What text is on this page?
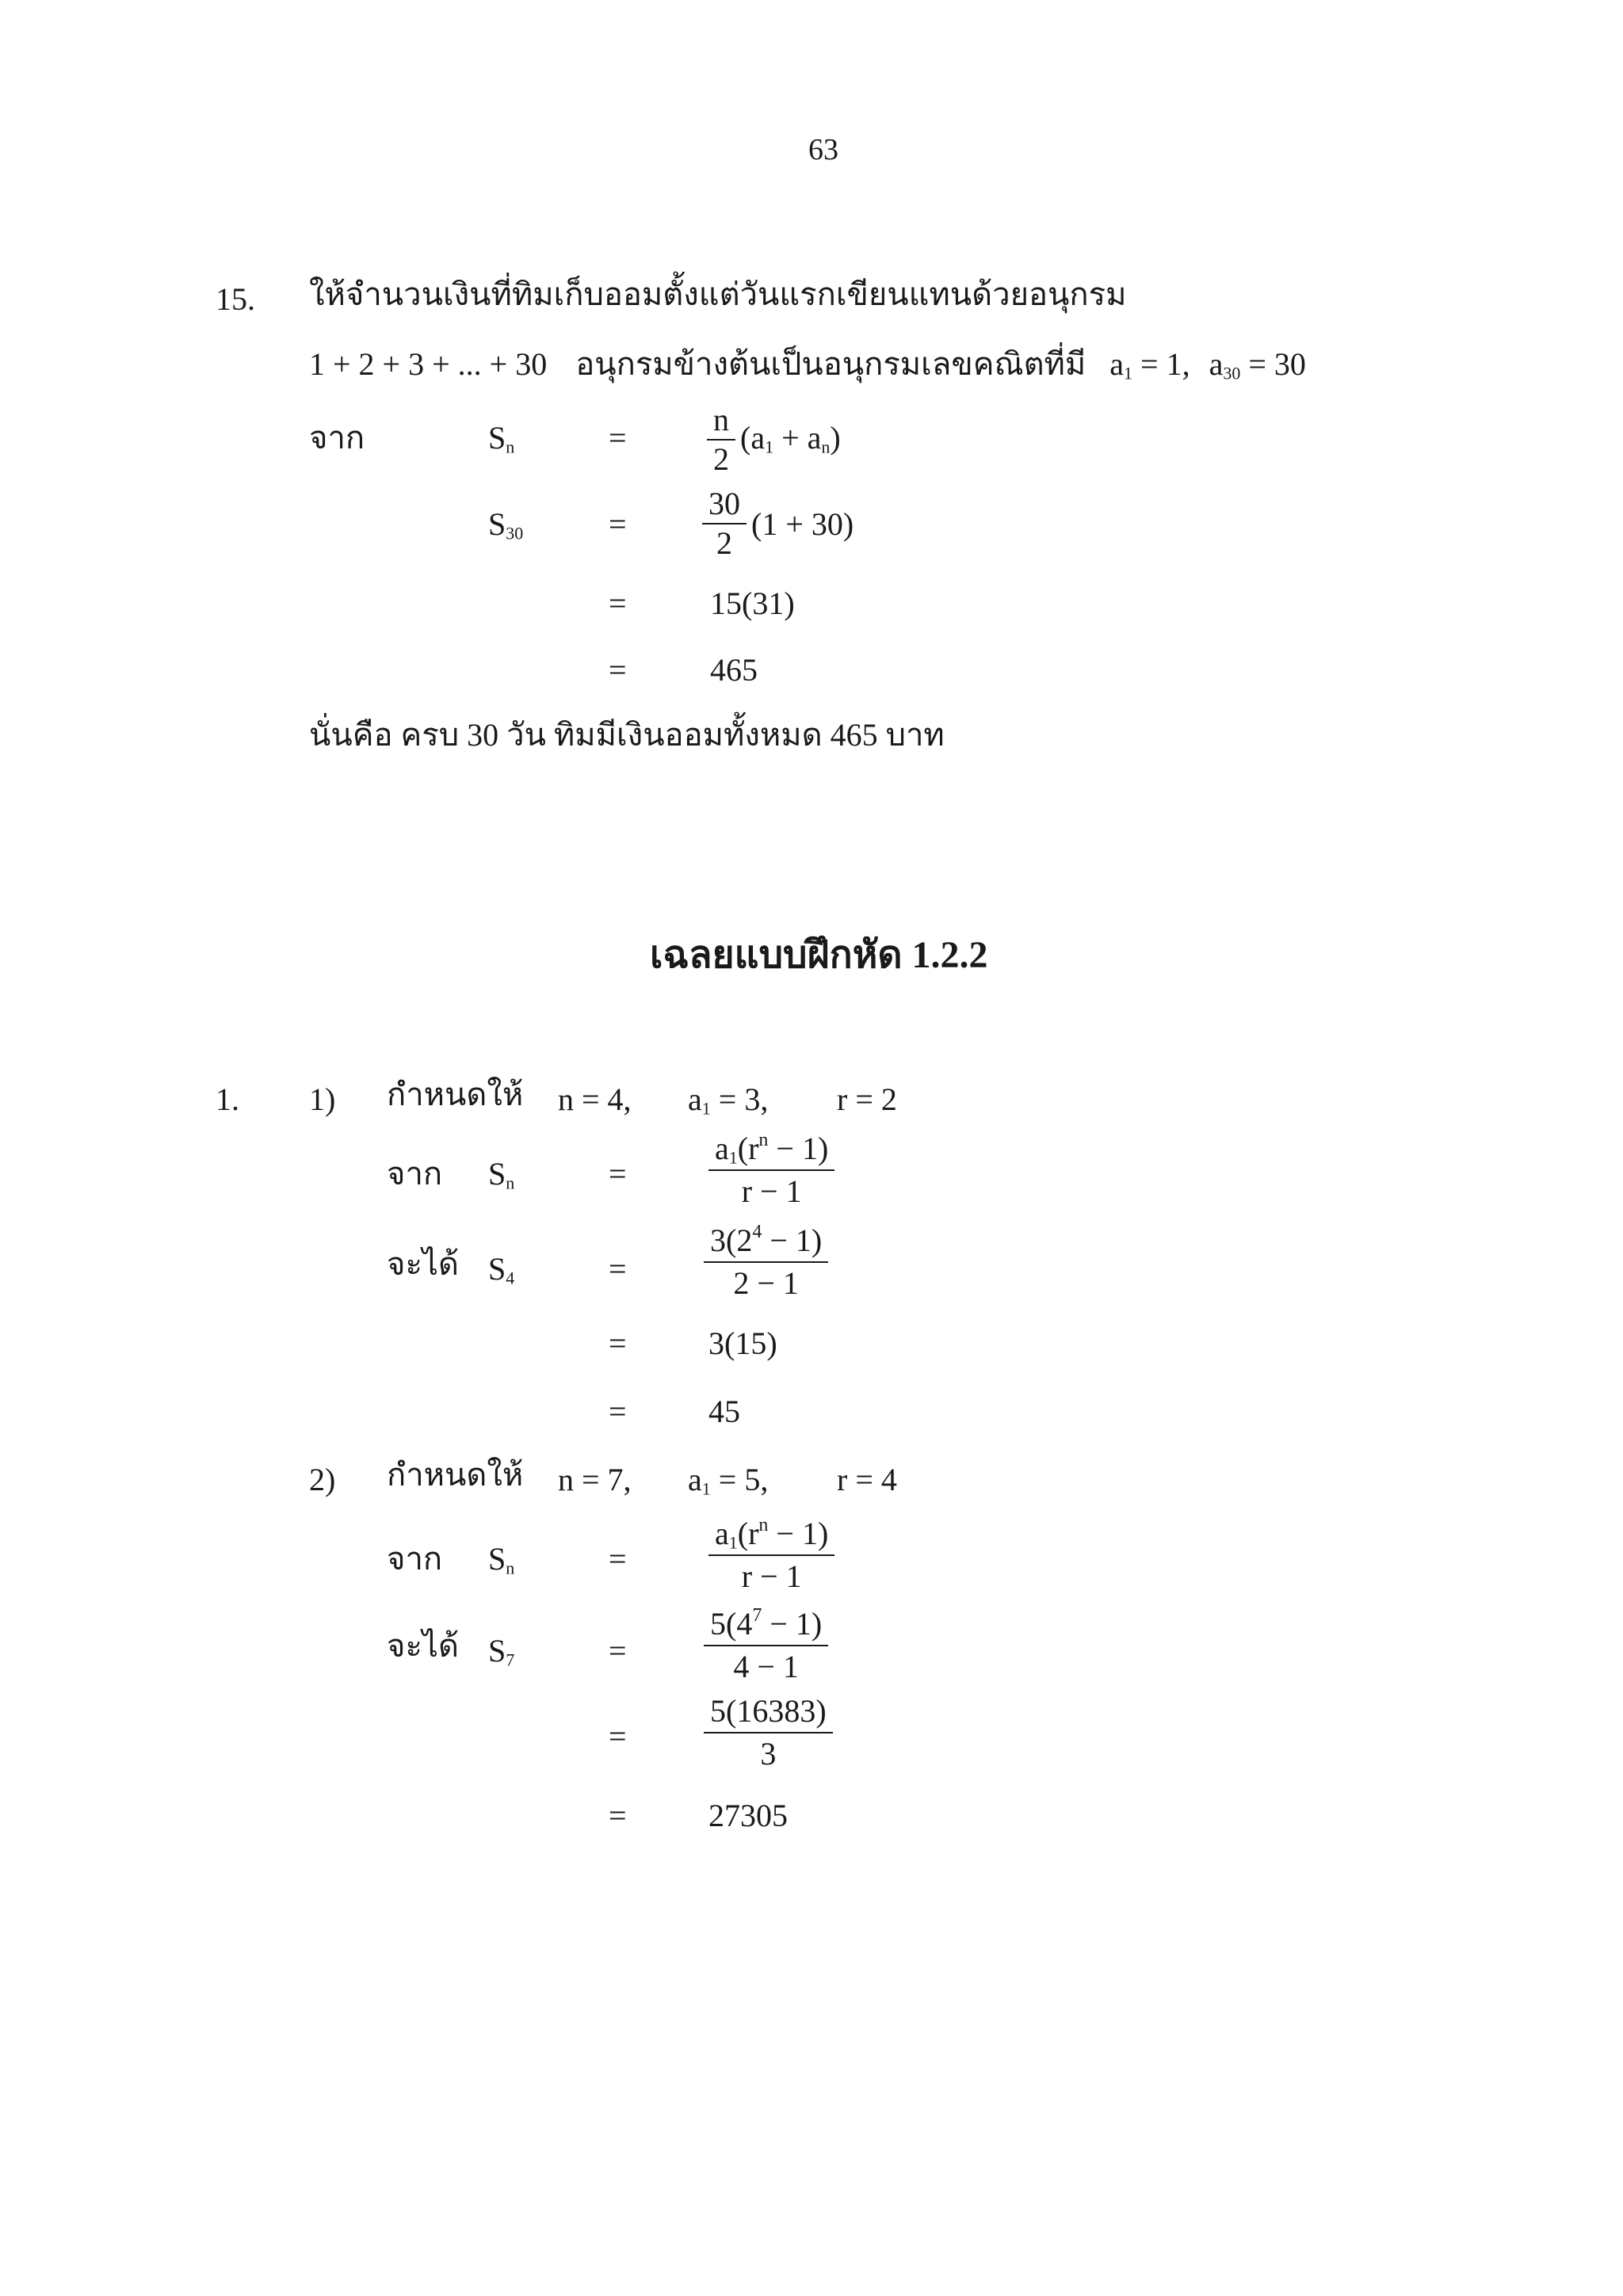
63
15. ให้จำนวนเงินที่ทิมเก็บออมตั้งแต่วันแรกเขียนแทนด้วยอนุกรม
1 + 2 + 3 + ... + 30 อนุกรมข้างต้นเป็นอนุกรมเลขคณิตที่มี $a_1 = 1$, $a_{30} = 30$
จาก	$S_n$	=	$\frac{n}{2} (a_1 + a_n)$
$S_{30}$	= $\frac{30}{2} (1 + 30)$
=	15(31)
=	465
นั่นคือ ครบ 30 วัน ทิมมีเงินออมทั้งหมด 465 บาท
เฉลยแบบฝึกหัด 1.2.2
1. 1) กำหนดให้ n = 4, $a_1 = 3$, r = 2
จาก $S_n$	=	$\frac{a_1(r^n - 1)}{r - 1}$
จะได้ $S_4$	=	$\frac{3(2^4 - 1)}{2 - 1}$
=	3(15)
=	45
2) กำหนดให้ n = 7, $a_1 = 5$, r = 4
จาก $S_n$	=	$\frac{a_1(r^n - 1)}{r - 1}$
จะได้ $S_7$	=	$\frac{5(4^7 - 1)}{4 - 1}$
=	$\frac{5(16383)}{3}$
=	27305
